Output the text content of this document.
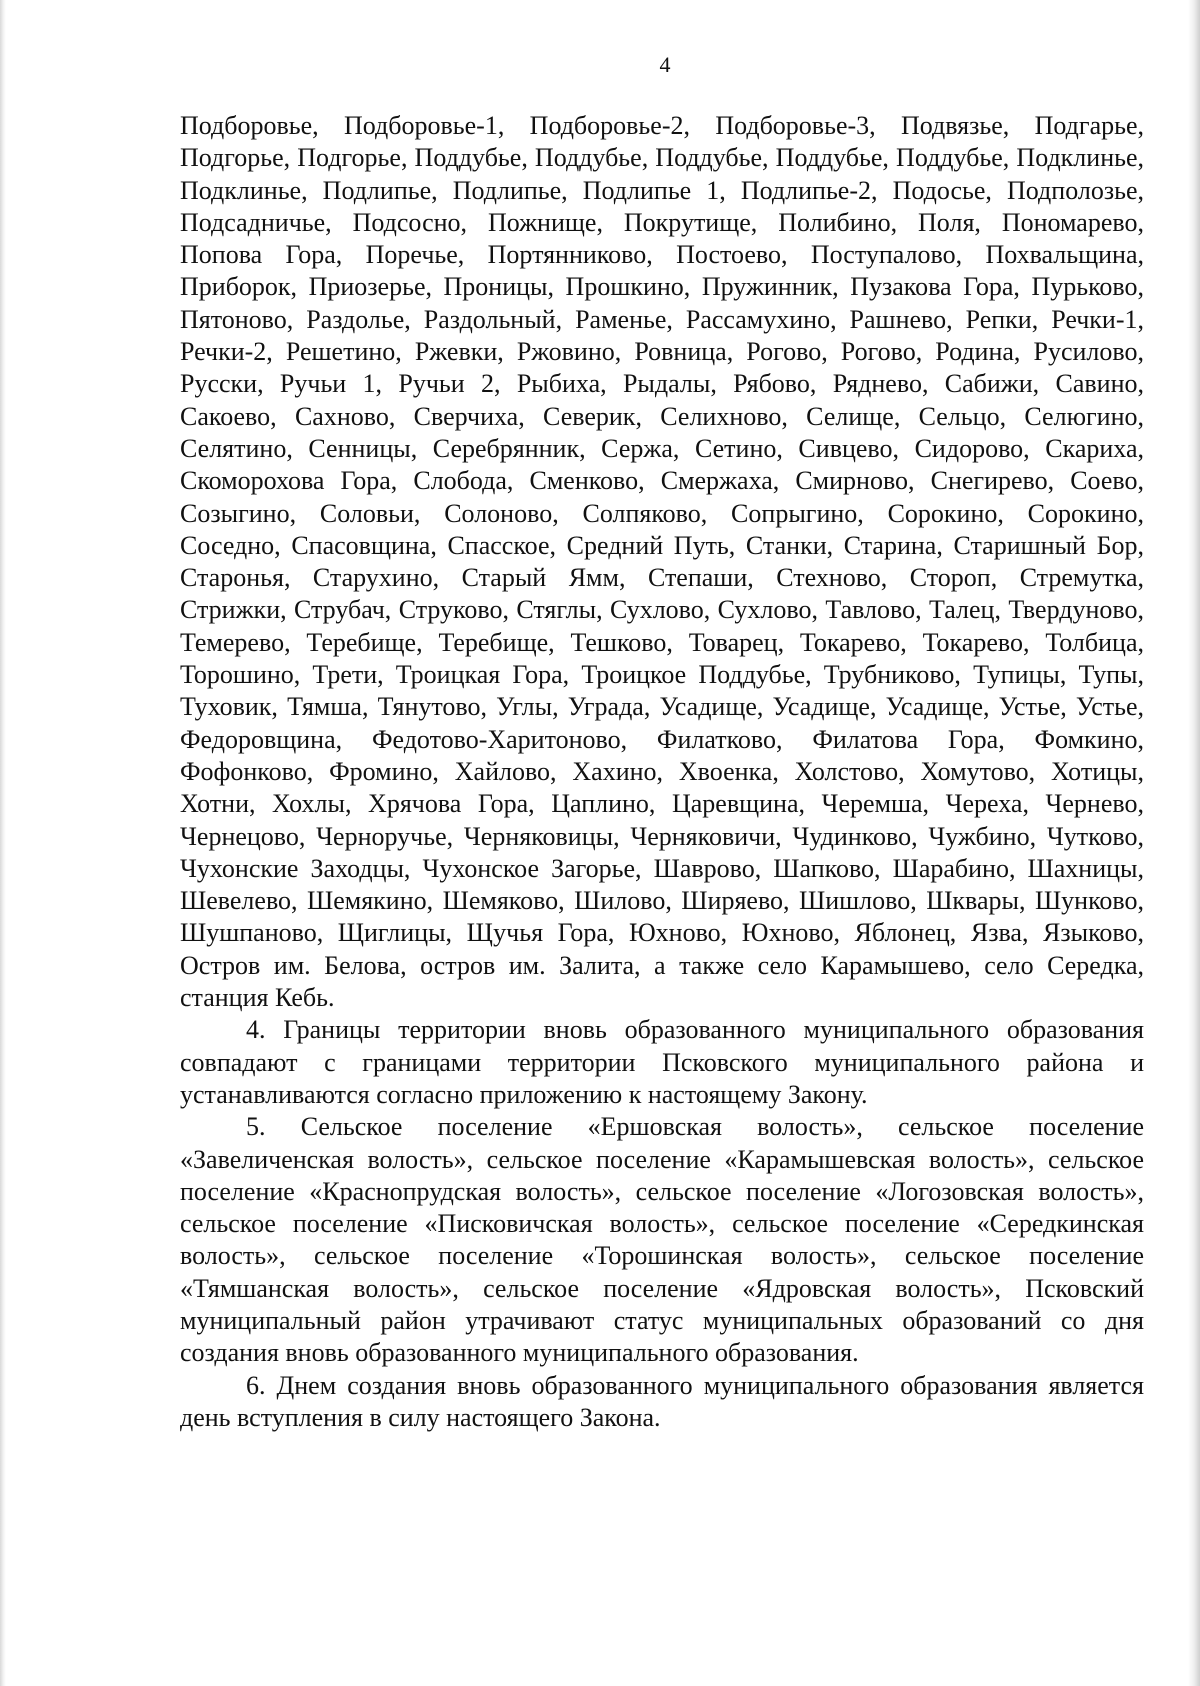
4

Подборовье, Подборовье-1, Подборовье-2, Подборовье-3, Подвязье, Подгарье, Подгорье, Подгорье, Поддубье, Поддубье, Поддубье, Поддубье, Поддубье, Подклинье, Подклинье, Подлипье, Подлипье, Подлипье 1, Подлипье-2, Подосье, Подполозье, Подсадничье, Подсосно, Пожнище, Покрутище, Полибино, Поля, Пономарево, Попова Гора, Поречье, Портянниково, Постоево, Поступалово, Похвальщина, Приборок, Приозерье, Проницы, Прошкино, Пружинник, Пузакова Гора, Пурьково, Пятоново, Раздолье, Раздольный, Раменье, Рассамухино, Рашнево, Репки, Речки-1, Речки-2, Решетино, Ржевки, Ржовино, Ровница, Рогово, Рогово, Родина, Русилово, Русски, Ручьи 1, Ручьи 2, Рыбиха, Рыдалы, Рябово, Ряднево, Сабижи, Савино, Сакоево, Сахново, Сверчиха, Северик, Селихново, Селище, Сельцо, Селюгино, Селятино, Сенницы, Серебрянник, Сержа, Сетино, Сивцево, Сидорово, Скариха, Скоморохова Гора, Слобода, Сменково, Смержаха, Смирново, Снегирево, Соево, Созыгино, Соловьи, Солоново, Солпяково, Сопрыгино, Сорокино, Сорокино, Соседно, Спасовщина, Спасское, Средний Путь, Станки, Старина, Старишный Бор, Старонья, Старухино, Старый Ямм, Степаши, Стехново, Стороп, Стремутка, Стрижки, Струбач, Струково, Стяглы, Сухлово, Сухлово, Тавлово, Талец, Твердуново, Темерево, Теребище, Теребище, Тешково, Товарец, Токарево, Токарево, Толбица, Торошино, Трети, Троицкая Гора, Троицкое Поддубье, Трубниково, Тупицы, Тупы, Туховик, Тямша, Тянутово, Углы, Уграда, Усадище, Усадище, Усадище, Устье, Устье, Федоровщина, Федотово-Харитоново, Филатково, Филатова Гора, Фомкино, Фофонково, Фромино, Хайлово, Хахино, Хвоенка, Холстово, Хомутово, Хотицы, Хотни, Хохлы, Хрячова Гора, Цаплино, Царевщина, Черемша, Череха, Чернево, Чернецово, Черноручье, Черняковицы, Черняковичи, Чудинково, Чужбино, Чутково, Чухонские Заходцы, Чухонское Загорье, Шаврово, Шапково, Шарабино, Шахницы, Шевелево, Шемякино, Шемяково, Шилово, Ширяево, Шишлово, Шквары, Шунково, Шушпаново, Щиглицы, Щучья Гора, Юхново, Юхново, Яблонец, Язва, Языково, Остров им. Белова, остров им. Залита, а также село Карамышево, село Середка, станция Кебь.

4. Границы территории вновь образованного муниципального образования совпадают с границами территории Псковского муниципального района и устанавливаются согласно приложению к настоящему Закону.

5. Сельское поселение «Ершовская волость», сельское поселение «Завеличенская волость», сельское поселение «Карамышевская волость», сельское поселение «Краснопрудская волость», сельское поселение «Логозовская волость», сельское поселение «Писковичская волость», сельское поселение «Середкинская волость», сельское поселение «Торошинская волость», сельское поселение «Тямшанская волость», сельское поселение «Ядровская волость», Псковский муниципальный район утрачивают статус муниципальных образований со дня создания вновь образованного муниципального образования.

6. Днем создания вновь образованного муниципального образования является день вступления в силу настоящего Закона.
